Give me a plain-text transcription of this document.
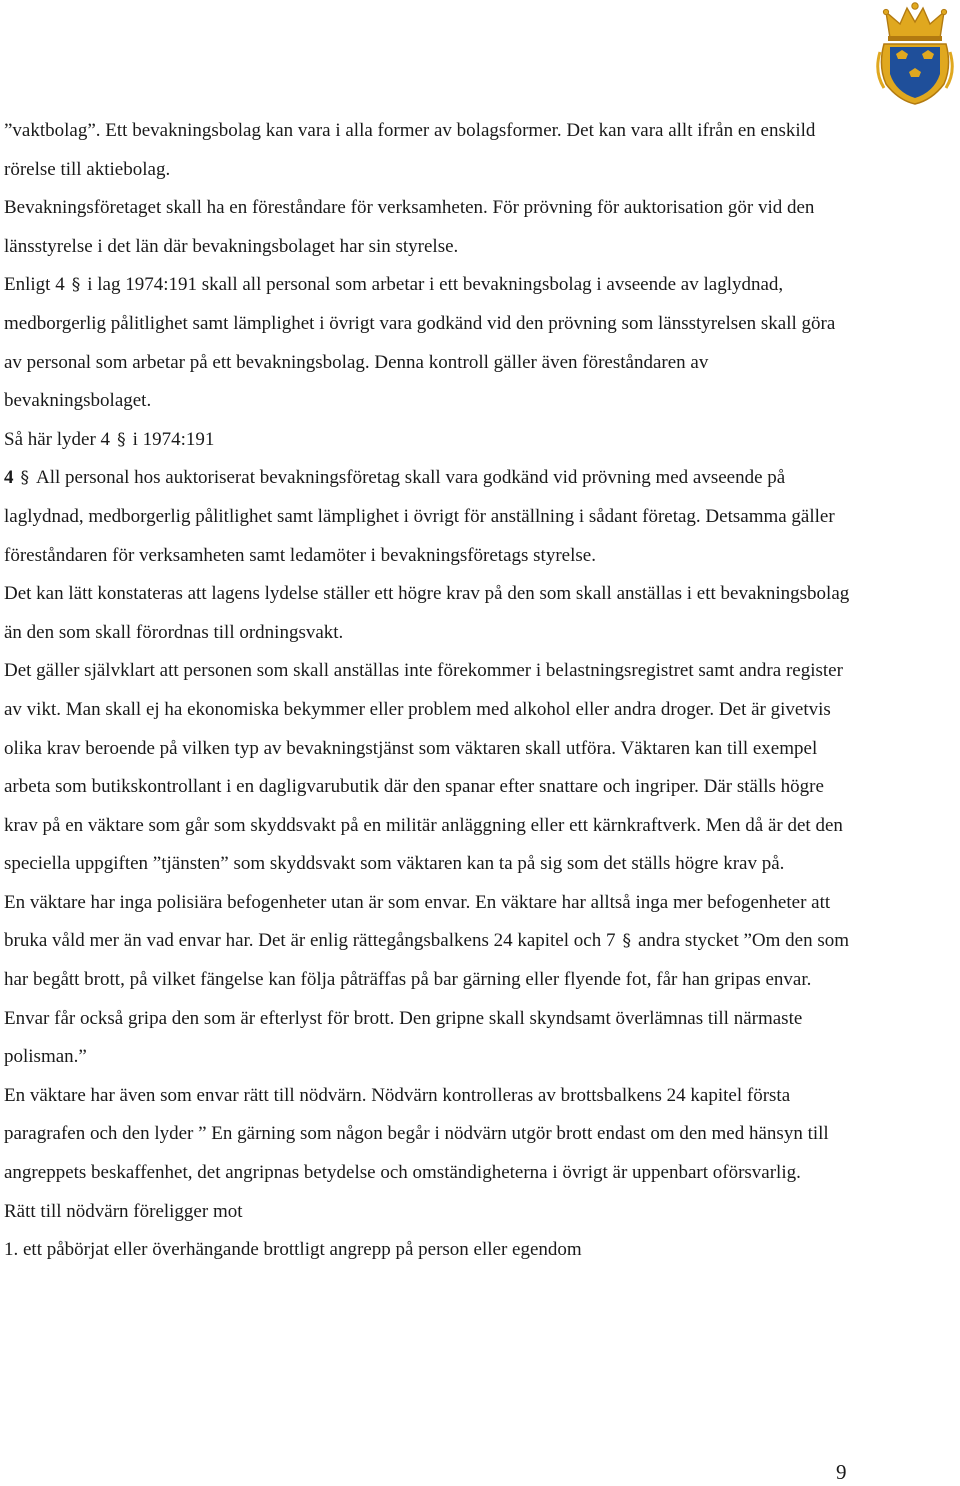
”vaktbolag”. Ett bevakningsbolag kan vara i alla former av bolagsformer. Det kan vara allt ifrån en enskild rörelse till aktiebolag.

Bevakningsföretaget skall ha en föreståndare för verksamheten. För prövning för auktorisation gör vid den länsstyrelse i det län där bevakningsbolaget har sin styrelse.

Enligt 4 § i lag 1974:191 skall all personal som arbetar i ett bevakningsbolag i avseende av laglydnad, medborgerlig pålitlighet samt lämplighet i övrigt vara godkänd vid den prövning som länsstyrelsen skall göra av personal som arbetar på ett bevakningsbolag. Denna kontroll gäller även föreståndaren av bevakningsbolaget.

Så här lyder 4 § i 1974:191

4 § All personal hos auktoriserat bevakningsföretag skall vara godkänd vid prövning med avseende på laglydnad, medborgerlig pålitlighet samt lämplighet i övrigt för anställning i sådant företag. Detsamma gäller föreståndaren för verksamheten samt ledamöter i bevakningsföretags styrelse.

Det kan lätt konstateras att lagens lydelse ställer ett högre krav på den som skall anställas i ett bevakningsbolag än den som skall förordnas till ordningsvakt.

Det gäller självklart att personen som skall anställas inte förekommer i belastningsregistret samt andra register av vikt. Man skall ej ha ekonomiska bekymmer eller problem med alkohol eller andra droger. Det är givetvis olika krav beroende på vilken typ av bevakningstjänst som väktaren skall utföra. Väktaren kan till exempel arbeta som butikskontrollant i en dagligvarubutik där den spanar efter snattare och ingriper. Där ställs högre krav på en väktare som går som skyddsvakt på en militär anläggning eller ett kärnkraftverk. Men då är det den speciella uppgiften ”tjänsten” som skyddsvakt som väktaren kan ta på sig som det ställs högre krav på.

En väktare har inga polisiära befogenheter utan är som envar. En väktare har alltså inga mer befogenheter att bruka våld mer än vad envar har. Det är enlig rättegångsbalkens 24 kapitel och 7 § andra stycket ”Om den som har begått brott, på vilket fängelse kan följa påträffas på bar gärning eller flyende fot, får han gripas envar. Envar får också gripa den som är efterlyst för brott. Den gripne skall skyndsamt överlämnas till närmaste polisman.”

En väktare har även som envar rätt till nödvärn. Nödvärn kontrolleras av brottsbalkens 24 kapitel första paragrafen och den lyder ” En gärning som någon begår i nödvärn utgör brott endast om den med hänsyn till angreppets beskaffenhet, det angripnas betydelse och omständigheterna i övrigt är uppenbart oförsvarlig.

Rätt till nödvärn föreligger mot

1. ett påbörjat eller överhängande brottligt angrepp på person eller egendom

9
